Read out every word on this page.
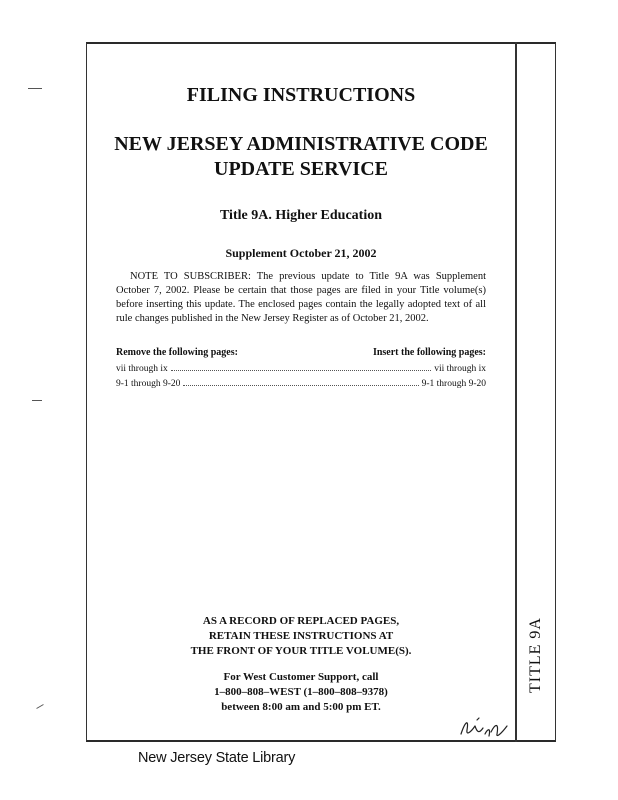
TITLE 9A
FILING INSTRUCTIONS
NEW JERSEY ADMINISTRATIVE CODE
UPDATE SERVICE
Title 9A. Higher Education
Supplement October 21, 2002
NOTE TO SUBSCRIBER: The previous update to Title 9A was Supplement October 7, 2002. Please be certain that those pages are filed in your Title volume(s) before inserting this update. The enclosed pages contain the legally adopted text of all rule changes published in the New Jersey Register as of October 21, 2002.
Remove the following pages:	Insert the following pages:
vii through ix	vii through ix
9-1 through 9-20	9-1 through 9-20
AS A RECORD OF REPLACED PAGES,
RETAIN THESE INSTRUCTIONS AT
THE FRONT OF YOUR TITLE VOLUME(S).
For West Customer Support, call
1–800–808–WEST (1–800–808–9378)
between 8:00 am and 5:00 pm ET.
New Jersey State Library
